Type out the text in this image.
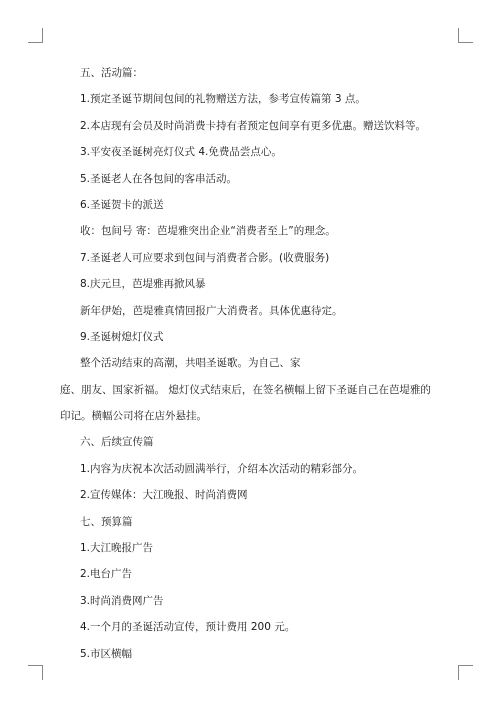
五、活动篇：
1.预定圣诞节期间包间的礼物赠送方法，参考宣传篇第 3 点。
2.本店现有会员及时尚消费卡持有者预定包间享有更多优惠。赠送饮料等。
3.平安夜圣诞树亮灯仪式 4.免费品尝点心。
5.圣诞老人在各包间的客串活动。
6.圣诞贺卡的派送
收：包间号 寄：芭堤雅突出企业“消费者至上”的理念。
7.圣诞老人可应要求到包间与消费者合影。(收费服务)
8.庆元旦，芭堤雅再掀风暴
新年伊始，芭堤雅真情回报广大消费者。具体优惠待定。
9.圣诞树熄灯仪式
整个活动结束的高潮，共唱圣诞歌。为自己、家
庭、朋友、国家祈福。 熄灯仪式结束后，在签名横幅上留下圣诞自己在芭堤雅的
印记。横幅公司将在店外悬挂。
六、后续宣传篇
1.内容为庆祝本次活动圆满举行，介绍本次活动的精彩部分。
2.宣传媒体：大江晚报、时尚消费网
七、预算篇
1.大江晚报广告
2.电台广告
3.时尚消费网广告
4.一个月的圣诞活动宣传，预计费用 200 元。
5.市区横幅
